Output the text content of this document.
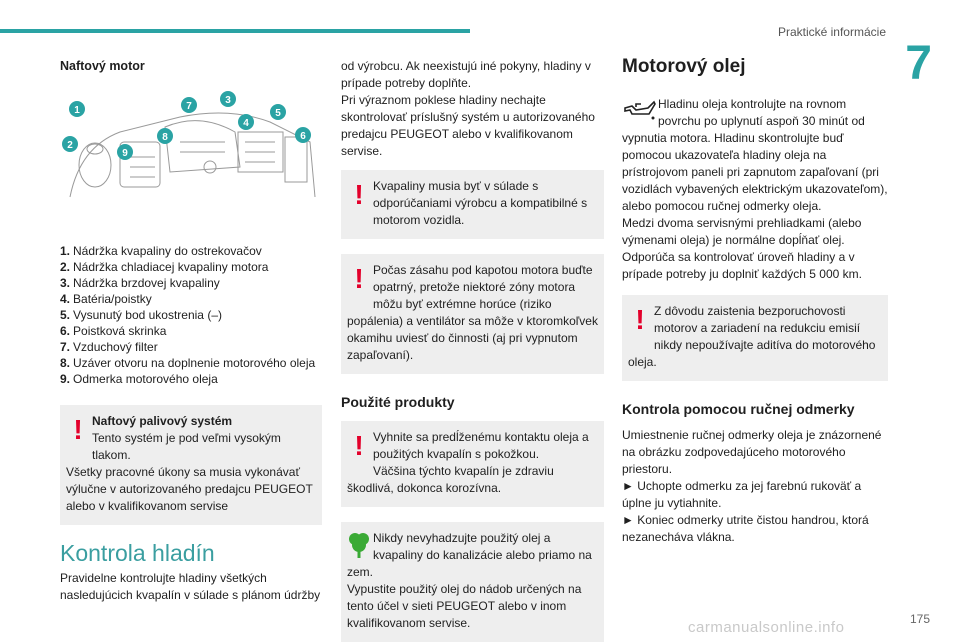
Praktické informácie
7
Naftový motor
1
2
3
4
5
6
7
8
9
1. Nádržka kvapaliny do ostrekovačov
2. Nádržka chladiacej kvapaliny motora
3. Nádržka brzdovej kvapaliny
4. Batéria/poistky
5. Vysunutý bod ukostrenia (–)
6. Poistková skrinka
7. Vzduchový filter
8. Uzáver otvoru na doplnenie motorového oleja
9. Odmerka motorového oleja
! Naftový palivový systém
Tento systém je pod veľmi vysokým tlakom.
Všetky pracovné úkony sa musia vykonávať výlučne v autorizovaného predajcu PEUGEOT alebo v kvalifikovanom servise
Kontrola hladín
Pravidelne kontrolujte hladiny všetkých nasledujúcich kvapalín v súlade s plánom údržby
od výrobcu. Ak neexistujú iné pokyny, hladiny v prípade potreby doplňte.
Pri výraznom poklese hladiny nechajte skontrolovať príslušný systém u autorizovaného predajcu PEUGEOT alebo v kvalifikovanom servise.
! Kvapaliny musia byť v súlade s odporúčaniami výrobcu a kompatibilné s motorom vozidla.
! Počas zásahu pod kapotou motora buďte opatrný, pretože niektoré zóny motora môžu byť extrémne horúce (riziko popálenia) a ventilátor sa môže v ktoromkoľvek okamihu uviesť do činnosti (aj pri vypnutom zapaľovaní).
Použité produkty
! Vyhnite sa predĺženému kontaktu oleja a použitých kvapalín s pokožkou.
Väčšina týchto kvapalín je zdraviu škodlivá, dokonca korozívna.
Nikdy nevyhadzujte použitý olej a kvapaliny do kanalizácie alebo priamo na zem.
Vypustite použitý olej do nádob určených na tento účel v sieti PEUGEOT alebo v inom kvalifikovanom servise.
Motorový olej

Hladinu oleja kontrolujte na rovnom povrchu po uplynutí aspoň 30 minút od vypnutia motora. Hladinu skontrolujte buď pomocou ukazovateľa hladiny oleja na prístrojovom paneli pri zapnutom zapaľovaní (pri vozidlách vybavených elektrickým ukazovateľom), alebo pomocou ručnej odmerky oleja.
Medzi dvoma servisnými prehliadkami (alebo výmenami oleja) je normálne dopĺňať olej. Odporúča sa kontrolovať úroveň hladiny a v prípade potreby ju doplniť každých 5 000 km.

! Z dôvodu zaistenia bezporuchovosti motorov a zariadení na redukciu emisií nikdy nepoužívajte aditíva do motorového oleja.
Kontrola pomocou ručnej odmerky
Umiestnenie ručnej odmerky oleja je znázornené na obrázku zodpovedajúceho motorového priestoru.
► Uchopte odmerku za jej farebnú rukoväť a úplne ju vytiahnite.
► Koniec odmerky utrite čistou handrou, ktorá nezanecháva vlákna.
175
carmanualsonline.info
